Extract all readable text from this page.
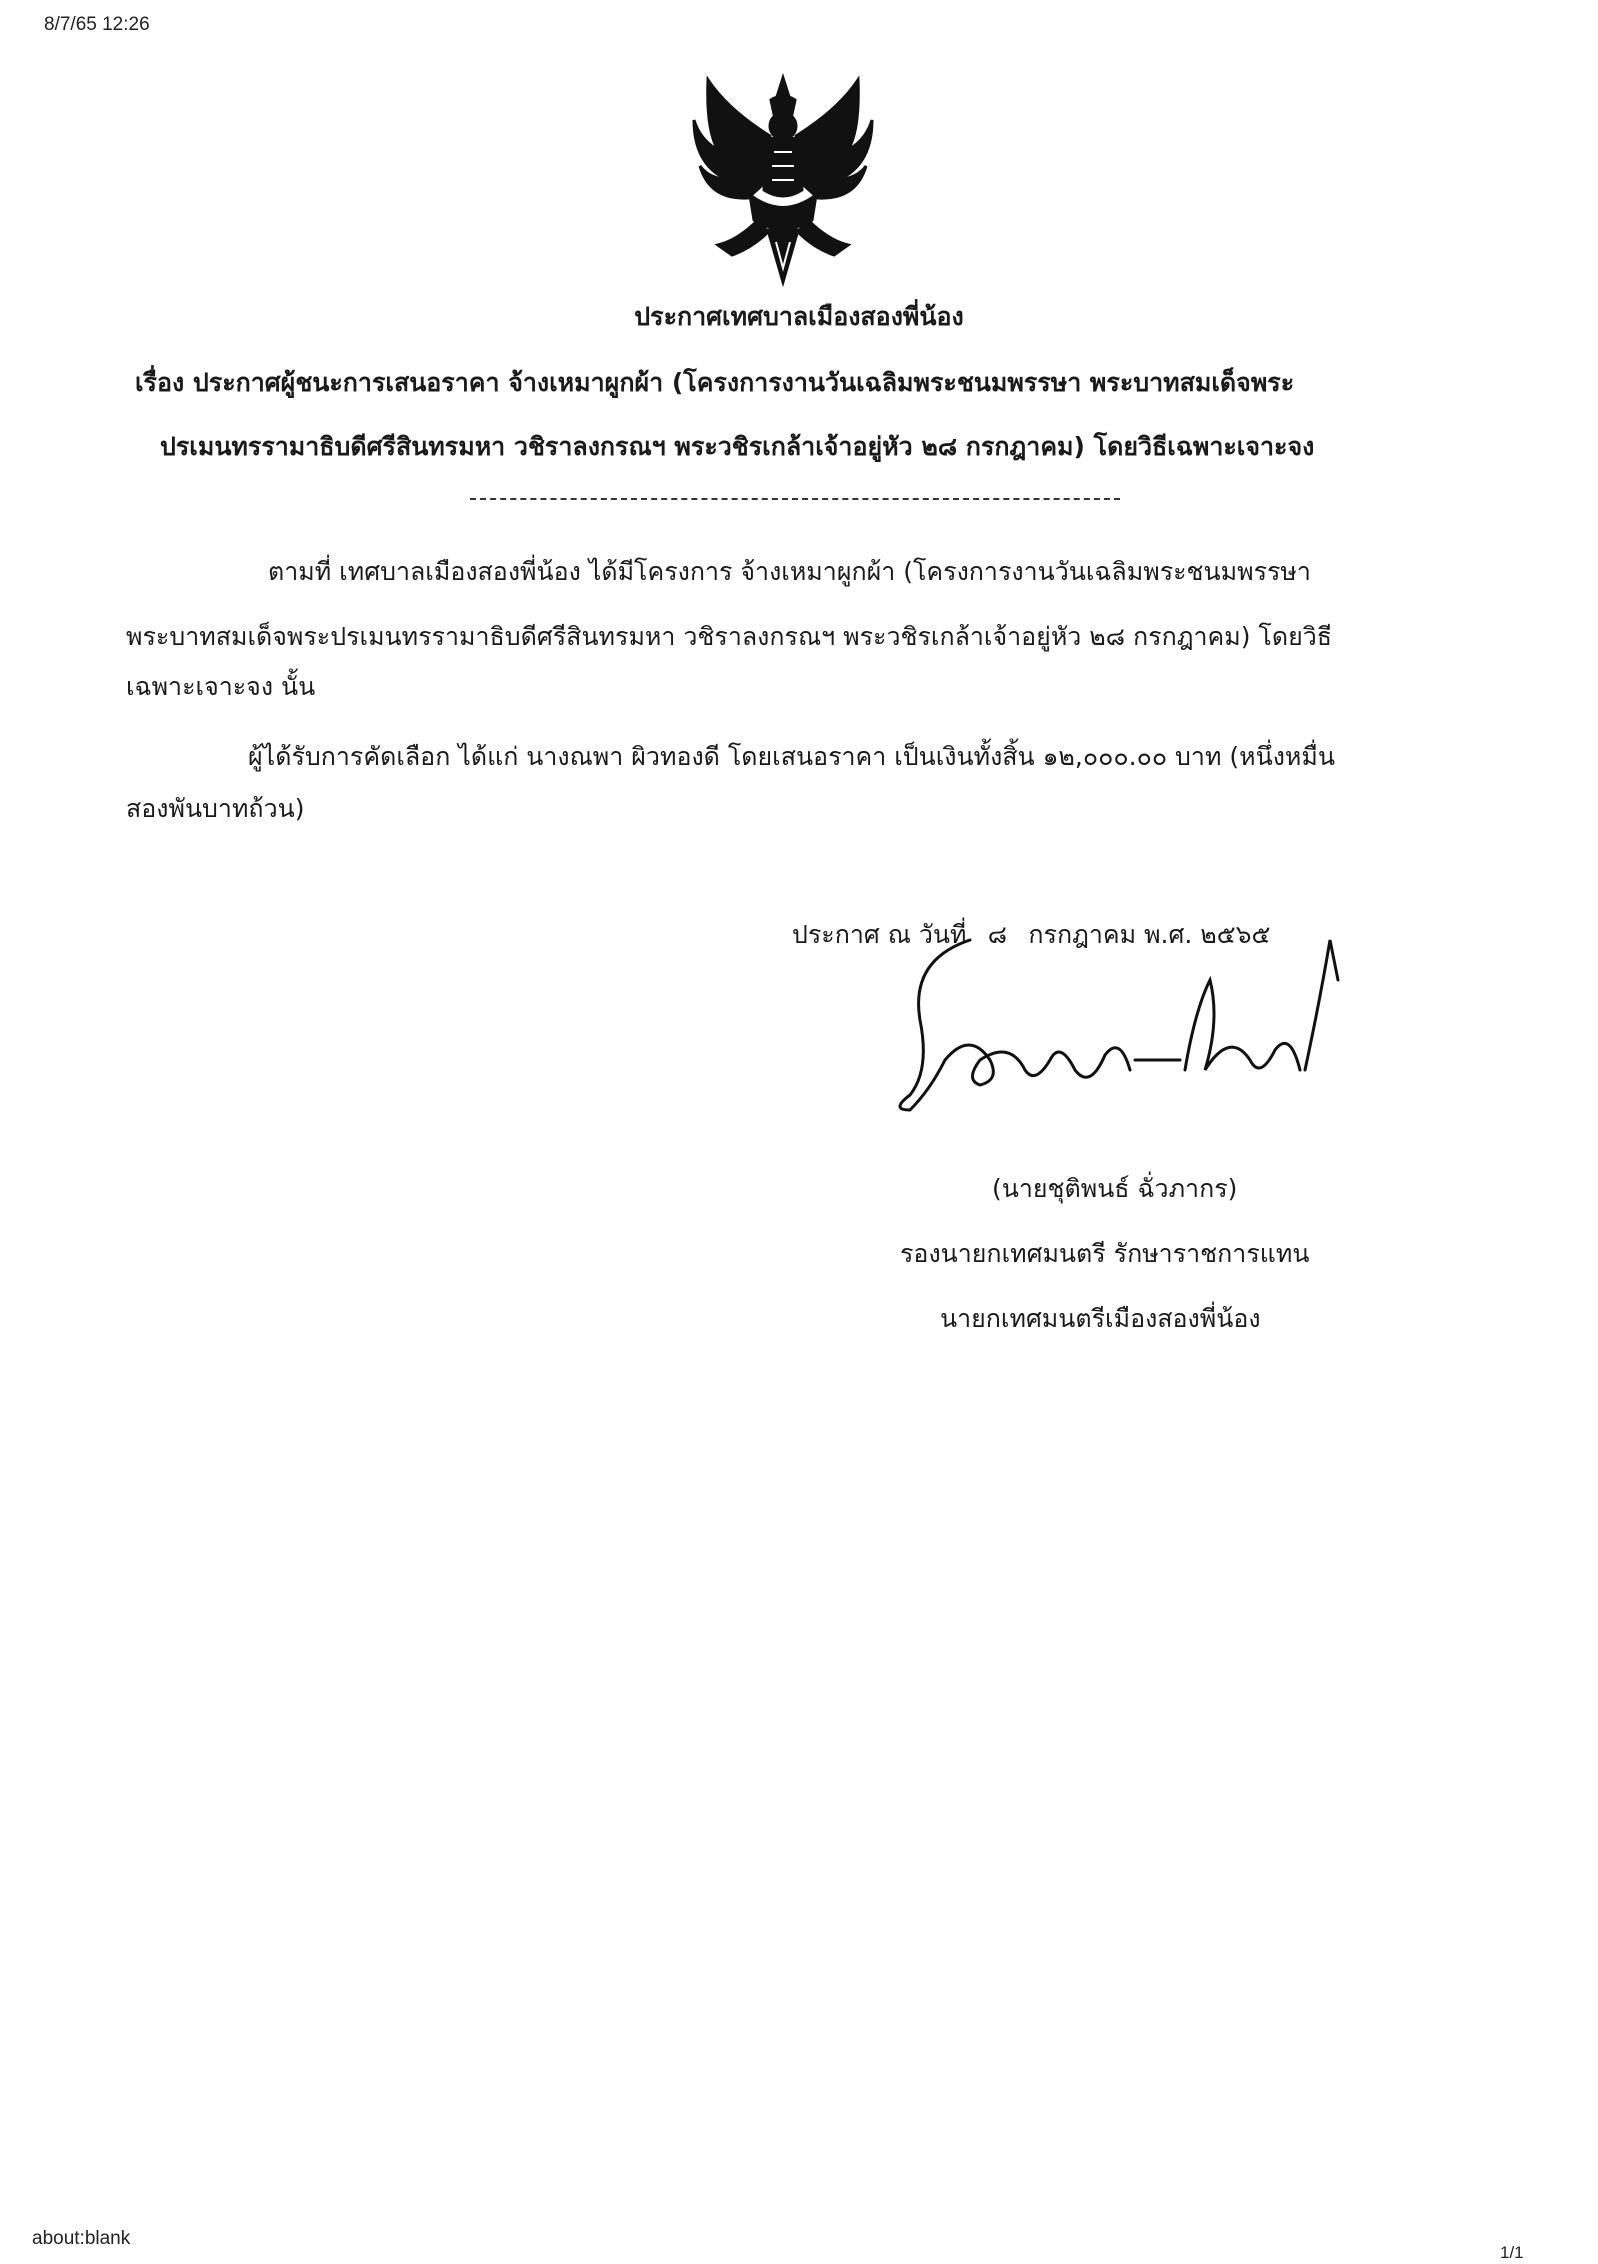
8/7/65 12:26
ประกาศเทศบาลเมืองสองพี่น้อง
เรื่อง ประกาศผู้ชนะการเสนอราคา จ้างเหมาผูกผ้า (โครงการงานวันเฉลิมพระชนมพรรษา พระบาทสมเด็จพระ
ปรเมนทรรามาธิบดีศรีสินทรมหา วชิราลงกรณฯ พระวชิรเกล้าเจ้าอยู่หัว ๒๘ กรกฎาคม) โดยวิธีเฉพาะเจาะจง
ตามที่ เทศบาลเมืองสองพี่น้อง ได้มีโครงการ จ้างเหมาผูกผ้า (โครงการงานวันเฉลิมพระชนมพรรษา
พระบาทสมเด็จพระปรเมนทรรามาธิบดีศรีสินทรมหา วชิราลงกรณฯ พระวชิรเกล้าเจ้าอยู่หัว ๒๘ กรกฎาคม) โดยวิธี
เฉพาะเจาะจง นั้น
ผู้ได้รับการคัดเลือก ได้แก่ นางณพา ผิวทองดี โดยเสนอราคา เป็นเงินทั้งสิ้น ๑๒,๐๐๐.๐๐ บาท (หนึ่งหมื่น
สองพันบาทถ้วน)
ประกาศ ณ วันที่ ๘ กรกฎาคม พ.ศ. ๒๕๖๕
(นายชุติพนธ์ ฉั่วภากร)
รองนายกเทศมนตรี รักษาราชการแทน
นายกเทศมนตรีเมืองสองพี่น้อง
about:blank
1/1
